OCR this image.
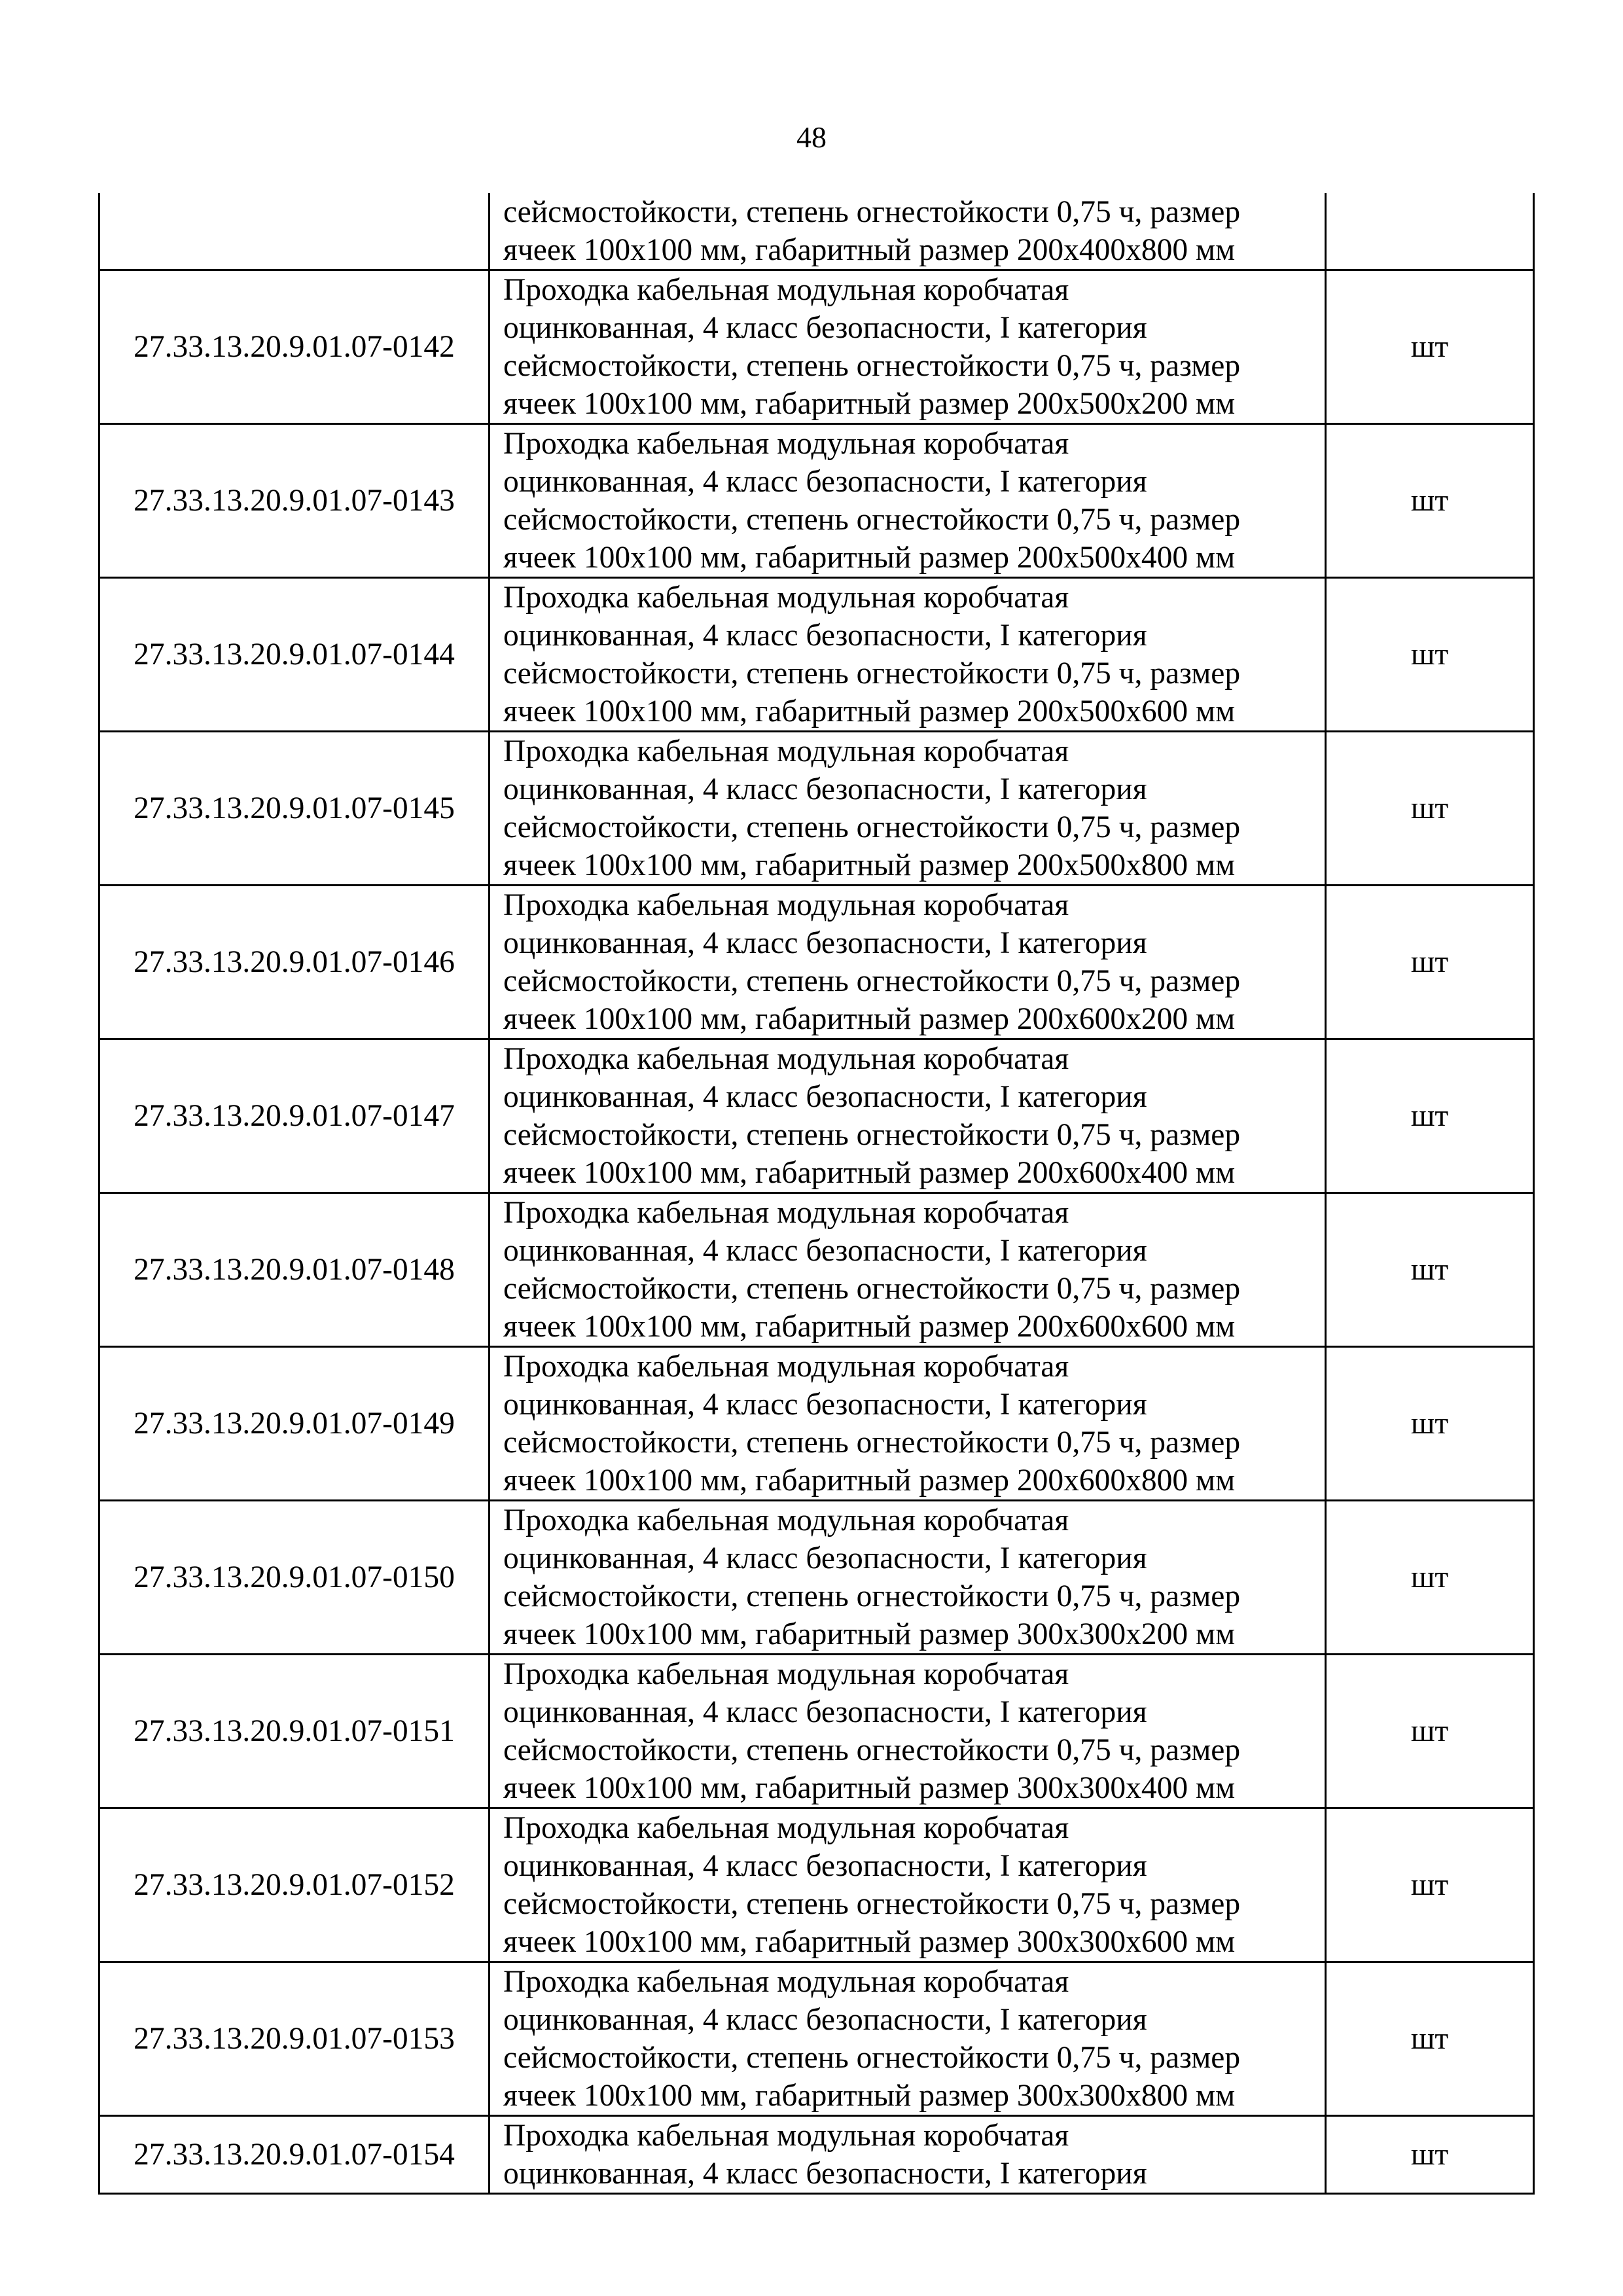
48
	сейсмостойкости, степень огнестойкости 0,75 ч, размер
ячеек 100х100 мм, габаритный размер 200х400х800 мм	
27.33.13.20.9.01.07-0142	Проходка кабельная модульная коробчатая
оцинкованная, 4 класс безопасности, I категория
сейсмостойкости, степень огнестойкости 0,75 ч, размер
ячеек 100х100 мм, габаритный размер 200х500х200 мм	шт
27.33.13.20.9.01.07-0143	Проходка кабельная модульная коробчатая
оцинкованная, 4 класс безопасности, I категория
сейсмостойкости, степень огнестойкости 0,75 ч, размер
ячеек 100х100 мм, габаритный размер 200х500х400 мм	шт
27.33.13.20.9.01.07-0144	Проходка кабельная модульная коробчатая
оцинкованная, 4 класс безопасности, I категория
сейсмостойкости, степень огнестойкости 0,75 ч, размер
ячеек 100х100 мм, габаритный размер 200х500х600 мм	шт
27.33.13.20.9.01.07-0145	Проходка кабельная модульная коробчатая
оцинкованная, 4 класс безопасности, I категория
сейсмостойкости, степень огнестойкости 0,75 ч, размер
ячеек 100х100 мм, габаритный размер 200х500х800 мм	шт
27.33.13.20.9.01.07-0146	Проходка кабельная модульная коробчатая
оцинкованная, 4 класс безопасности, I категория
сейсмостойкости, степень огнестойкости 0,75 ч, размер
ячеек 100х100 мм, габаритный размер 200х600х200 мм	шт
27.33.13.20.9.01.07-0147	Проходка кабельная модульная коробчатая
оцинкованная, 4 класс безопасности, I категория
сейсмостойкости, степень огнестойкости 0,75 ч, размер
ячеек 100х100 мм, габаритный размер 200х600х400 мм	шт
27.33.13.20.9.01.07-0148	Проходка кабельная модульная коробчатая
оцинкованная, 4 класс безопасности, I категория
сейсмостойкости, степень огнестойкости 0,75 ч, размер
ячеек 100х100 мм, габаритный размер 200х600х600 мм	шт
27.33.13.20.9.01.07-0149	Проходка кабельная модульная коробчатая
оцинкованная, 4 класс безопасности, I категория
сейсмостойкости, степень огнестойкости 0,75 ч, размер
ячеек 100х100 мм, габаритный размер 200х600х800 мм	шт
27.33.13.20.9.01.07-0150	Проходка кабельная модульная коробчатая
оцинкованная, 4 класс безопасности, I категория
сейсмостойкости, степень огнестойкости 0,75 ч, размер
ячеек 100х100 мм, габаритный размер 300х300х200 мм	шт
27.33.13.20.9.01.07-0151	Проходка кабельная модульная коробчатая
оцинкованная, 4 класс безопасности, I категория
сейсмостойкости, степень огнестойкости 0,75 ч, размер
ячеек 100х100 мм, габаритный размер 300х300х400 мм	шт
27.33.13.20.9.01.07-0152	Проходка кабельная модульная коробчатая
оцинкованная, 4 класс безопасности, I категория
сейсмостойкости, степень огнестойкости 0,75 ч, размер
ячеек 100х100 мм, габаритный размер 300х300х600 мм	шт
27.33.13.20.9.01.07-0153	Проходка кабельная модульная коробчатая
оцинкованная, 4 класс безопасности, I категория
сейсмостойкости, степень огнестойкости 0,75 ч, размер
ячеек 100х100 мм, габаритный размер 300х300х800 мм	шт
27.33.13.20.9.01.07-0154	Проходка кабельная модульная коробчатая
оцинкованная, 4 класс безопасности, I категория	шт
